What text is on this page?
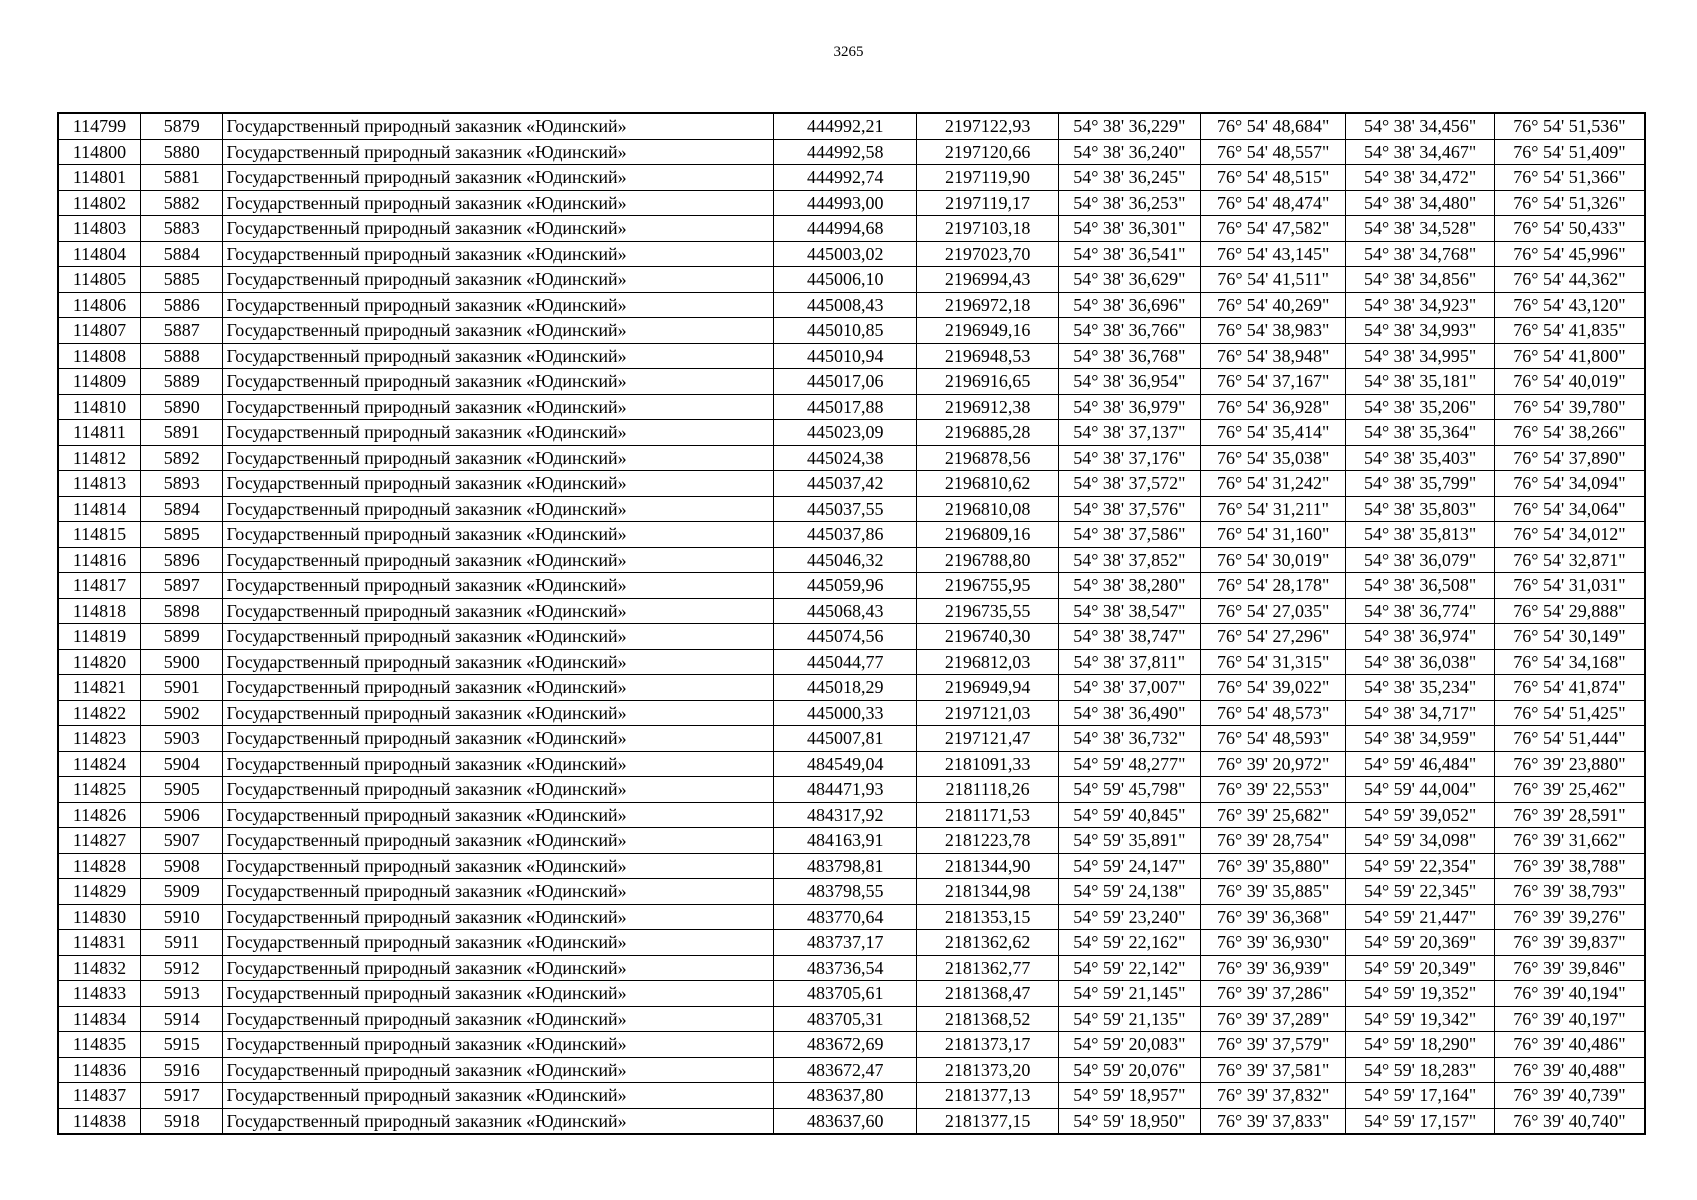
3265
114799	5879	Государственный природный заказник «Юдинский»	444992,21	2197122,93	54° 38' 36,229"	76° 54' 48,684"	54° 38' 34,456"	76° 54' 51,536"
114800	5880	Государственный природный заказник «Юдинский»	444992,58	2197120,66	54° 38' 36,240"	76° 54' 48,557"	54° 38' 34,467"	76° 54' 51,409"
114801	5881	Государственный природный заказник «Юдинский»	444992,74	2197119,90	54° 38' 36,245"	76° 54' 48,515"	54° 38' 34,472"	76° 54' 51,366"
114802	5882	Государственный природный заказник «Юдинский»	444993,00	2197119,17	54° 38' 36,253"	76° 54' 48,474"	54° 38' 34,480"	76° 54' 51,326"
114803	5883	Государственный природный заказник «Юдинский»	444994,68	2197103,18	54° 38' 36,301"	76° 54' 47,582"	54° 38' 34,528"	76° 54' 50,433"
114804	5884	Государственный природный заказник «Юдинский»	445003,02	2197023,70	54° 38' 36,541"	76° 54' 43,145"	54° 38' 34,768"	76° 54' 45,996"
114805	5885	Государственный природный заказник «Юдинский»	445006,10	2196994,43	54° 38' 36,629"	76° 54' 41,511"	54° 38' 34,856"	76° 54' 44,362"
114806	5886	Государственный природный заказник «Юдинский»	445008,43	2196972,18	54° 38' 36,696"	76° 54' 40,269"	54° 38' 34,923"	76° 54' 43,120"
114807	5887	Государственный природный заказник «Юдинский»	445010,85	2196949,16	54° 38' 36,766"	76° 54' 38,983"	54° 38' 34,993"	76° 54' 41,835"
114808	5888	Государственный природный заказник «Юдинский»	445010,94	2196948,53	54° 38' 36,768"	76° 54' 38,948"	54° 38' 34,995"	76° 54' 41,800"
114809	5889	Государственный природный заказник «Юдинский»	445017,06	2196916,65	54° 38' 36,954"	76° 54' 37,167"	54° 38' 35,181"	76° 54' 40,019"
114810	5890	Государственный природный заказник «Юдинский»	445017,88	2196912,38	54° 38' 36,979"	76° 54' 36,928"	54° 38' 35,206"	76° 54' 39,780"
114811	5891	Государственный природный заказник «Юдинский»	445023,09	2196885,28	54° 38' 37,137"	76° 54' 35,414"	54° 38' 35,364"	76° 54' 38,266"
114812	5892	Государственный природный заказник «Юдинский»	445024,38	2196878,56	54° 38' 37,176"	76° 54' 35,038"	54° 38' 35,403"	76° 54' 37,890"
114813	5893	Государственный природный заказник «Юдинский»	445037,42	2196810,62	54° 38' 37,572"	76° 54' 31,242"	54° 38' 35,799"	76° 54' 34,094"
114814	5894	Государственный природный заказник «Юдинский»	445037,55	2196810,08	54° 38' 37,576"	76° 54' 31,211"	54° 38' 35,803"	76° 54' 34,064"
114815	5895	Государственный природный заказник «Юдинский»	445037,86	2196809,16	54° 38' 37,586"	76° 54' 31,160"	54° 38' 35,813"	76° 54' 34,012"
114816	5896	Государственный природный заказник «Юдинский»	445046,32	2196788,80	54° 38' 37,852"	76° 54' 30,019"	54° 38' 36,079"	76° 54' 32,871"
114817	5897	Государственный природный заказник «Юдинский»	445059,96	2196755,95	54° 38' 38,280"	76° 54' 28,178"	54° 38' 36,508"	76° 54' 31,031"
114818	5898	Государственный природный заказник «Юдинский»	445068,43	2196735,55	54° 38' 38,547"	76° 54' 27,035"	54° 38' 36,774"	76° 54' 29,888"
114819	5899	Государственный природный заказник «Юдинский»	445074,56	2196740,30	54° 38' 38,747"	76° 54' 27,296"	54° 38' 36,974"	76° 54' 30,149"
114820	5900	Государственный природный заказник «Юдинский»	445044,77	2196812,03	54° 38' 37,811"	76° 54' 31,315"	54° 38' 36,038"	76° 54' 34,168"
114821	5901	Государственный природный заказник «Юдинский»	445018,29	2196949,94	54° 38' 37,007"	76° 54' 39,022"	54° 38' 35,234"	76° 54' 41,874"
114822	5902	Государственный природный заказник «Юдинский»	445000,33	2197121,03	54° 38' 36,490"	76° 54' 48,573"	54° 38' 34,717"	76° 54' 51,425"
114823	5903	Государственный природный заказник «Юдинский»	445007,81	2197121,47	54° 38' 36,732"	76° 54' 48,593"	54° 38' 34,959"	76° 54' 51,444"
114824	5904	Государственный природный заказник «Юдинский»	484549,04	2181091,33	54° 59' 48,277"	76° 39' 20,972"	54° 59' 46,484"	76° 39' 23,880"
114825	5905	Государственный природный заказник «Юдинский»	484471,93	2181118,26	54° 59' 45,798"	76° 39' 22,553"	54° 59' 44,004"	76° 39' 25,462"
114826	5906	Государственный природный заказник «Юдинский»	484317,92	2181171,53	54° 59' 40,845"	76° 39' 25,682"	54° 59' 39,052"	76° 39' 28,591"
114827	5907	Государственный природный заказник «Юдинский»	484163,91	2181223,78	54° 59' 35,891"	76° 39' 28,754"	54° 59' 34,098"	76° 39' 31,662"
114828	5908	Государственный природный заказник «Юдинский»	483798,81	2181344,90	54° 59' 24,147"	76° 39' 35,880"	54° 59' 22,354"	76° 39' 38,788"
114829	5909	Государственный природный заказник «Юдинский»	483798,55	2181344,98	54° 59' 24,138"	76° 39' 35,885"	54° 59' 22,345"	76° 39' 38,793"
114830	5910	Государственный природный заказник «Юдинский»	483770,64	2181353,15	54° 59' 23,240"	76° 39' 36,368"	54° 59' 21,447"	76° 39' 39,276"
114831	5911	Государственный природный заказник «Юдинский»	483737,17	2181362,62	54° 59' 22,162"	76° 39' 36,930"	54° 59' 20,369"	76° 39' 39,837"
114832	5912	Государственный природный заказник «Юдинский»	483736,54	2181362,77	54° 59' 22,142"	76° 39' 36,939"	54° 59' 20,349"	76° 39' 39,846"
114833	5913	Государственный природный заказник «Юдинский»	483705,61	2181368,47	54° 59' 21,145"	76° 39' 37,286"	54° 59' 19,352"	76° 39' 40,194"
114834	5914	Государственный природный заказник «Юдинский»	483705,31	2181368,52	54° 59' 21,135"	76° 39' 37,289"	54° 59' 19,342"	76° 39' 40,197"
114835	5915	Государственный природный заказник «Юдинский»	483672,69	2181373,17	54° 59' 20,083"	76° 39' 37,579"	54° 59' 18,290"	76° 39' 40,486"
114836	5916	Государственный природный заказник «Юдинский»	483672,47	2181373,20	54° 59' 20,076"	76° 39' 37,581"	54° 59' 18,283"	76° 39' 40,488"
114837	5917	Государственный природный заказник «Юдинский»	483637,80	2181377,13	54° 59' 18,957"	76° 39' 37,832"	54° 59' 17,164"	76° 39' 40,739"
114838	5918	Государственный природный заказник «Юдинский»	483637,60	2181377,15	54° 59' 18,950"	76° 39' 37,833"	54° 59' 17,157"	76° 39' 40,740"
